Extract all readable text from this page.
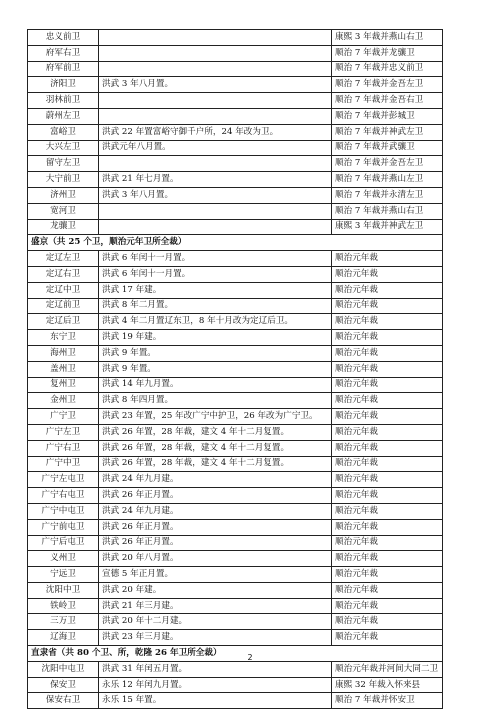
忠义前卫		康熙 3 年裁并燕山右卫
府军右卫		顺治 7 年裁并龙骧卫
府军前卫		顺治 7 年裁并忠义前卫
济阳卫	洪武 3 年八月置。	顺治 7 年裁并金吾左卫
羽林前卫		顺治 7 年裁并金吾右卫
蔚州左卫		顺治 7 年裁并彭城卫
富峪卫	洪武 22 年置富峪守御千户所，24 年改为卫。	顺治 7 年裁并神武左卫
大兴左卫	洪武元年八月置。	顺治 7 年裁并武骧卫
留守左卫		顺治 7 年裁并金吾左卫
大宁前卫	洪武 21 年七月置。	顺治 7 年裁并燕山左卫
济州卫	洪武 3 年八月置。	顺治 7 年裁并永清左卫
宽河卫		顺治 7 年裁并燕山右卫
龙骧卫		康熙 3 年裁并神武左卫
盛京（共 25 个卫，顺治元年卫所全裁）		
定辽左卫	洪武 6 年闰十一月置。	顺治元年裁
定辽右卫	洪武 6 年闰十一月置。	顺治元年裁
定辽中卫	洪武 17 年建。	顺治元年裁
定辽前卫	洪武 8 年二月置。	顺治元年裁
定辽后卫	洪武 4 年二月置辽东卫，8 年十月改为定辽后卫。	顺治元年裁
东宁卫	洪武 19 年建。	顺治元年裁
海州卫	洪武 9 年置。	顺治元年裁
盖州卫	洪武 9 年置。	顺治元年裁
复州卫	洪武 14 年九月置。	顺治元年裁
金州卫	洪武 8 年四月置。	顺治元年裁
广宁卫	洪武 23 年置，25 年改广宁中护卫，26 年改为广宁卫。	顺治元年裁
广宁左卫	洪武 26 年置，28 年裁，建文 4 年十二月复置。	顺治元年裁
广宁右卫	洪武 26 年置，28 年裁，建文 4 年十二月复置。	顺治元年裁
广宁中卫	洪武 26 年置，28 年裁，建文 4 年十二月复置。	顺治元年裁
广宁左屯卫	洪武 24 年九月建。	顺治元年裁
广宁右屯卫	洪武 26 年正月置。	顺治元年裁
广宁中屯卫	洪武 24 年九月建。	顺治元年裁
广宁前屯卫	洪武 26 年正月置。	顺治元年裁
广宁后屯卫	洪武 26 年正月置。	顺治元年裁
义州卫	洪武 20 年八月置。	顺治元年裁
宁远卫	宣德 5 年正月置。	顺治元年裁
沈阳中卫	洪武 20 年建。	顺治元年裁
铁岭卫	洪武 21 年三月建。	顺治元年裁
三万卫	洪武 20 年十二月建。	顺治元年裁
辽海卫	洪武 23 年三月建。	顺治元年裁
直隶省（共 80 个卫、所，乾隆 26 年卫所全裁）		
沈阳中屯卫	洪武 31 年闰五月置。	顺治元年裁并河间大同二卫
保安卫	永乐 12 年闰九月置。	康熙 32 年裁入怀来县
保安右卫	永乐 15 年置。	顺治 7 年裁并怀安卫
2
